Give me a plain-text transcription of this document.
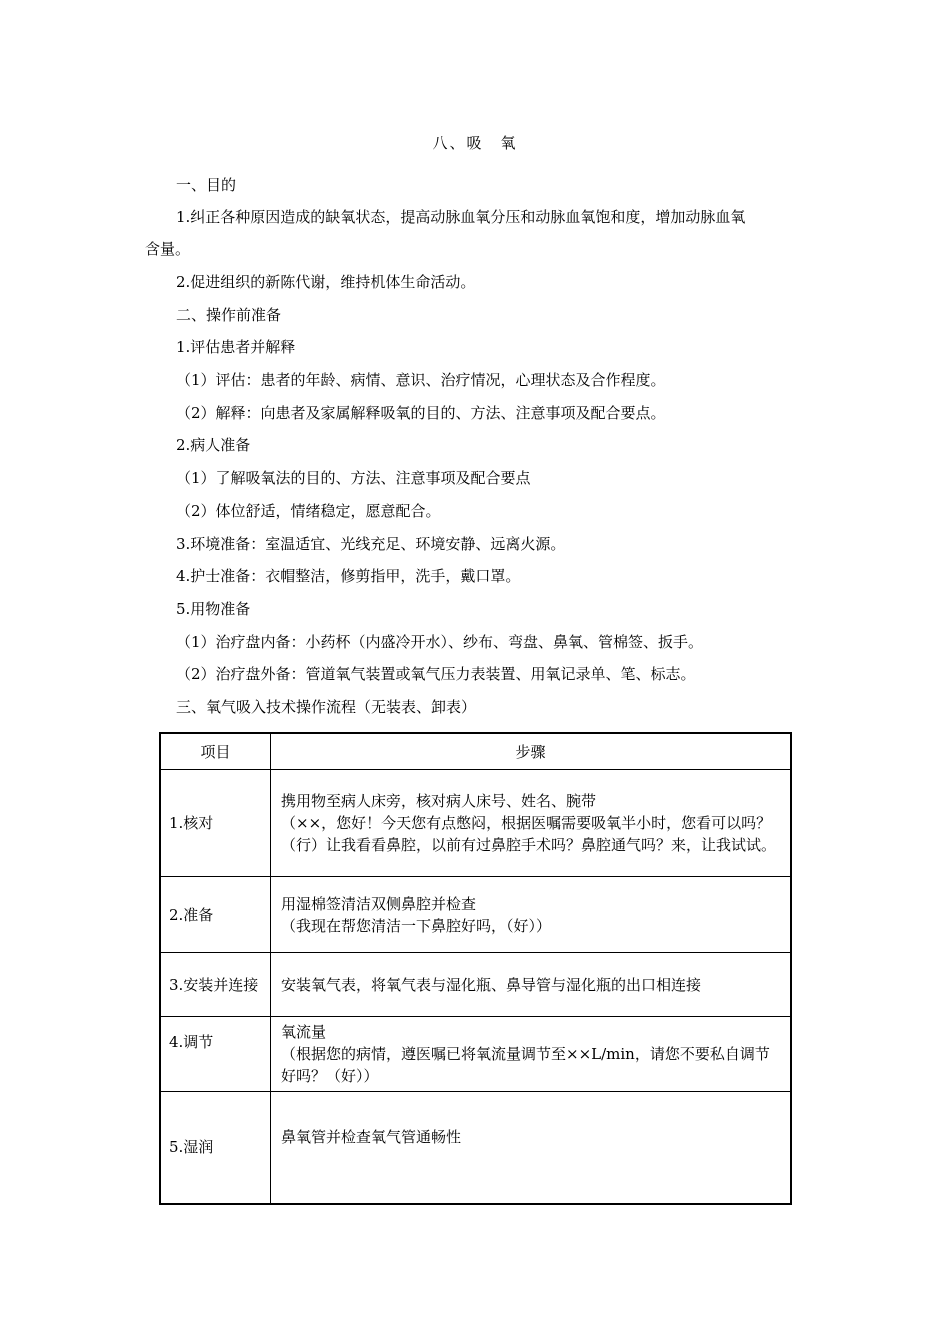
八、吸　氧
一、目的
1.纠正各种原因造成的缺氧状态，提高动脉血氧分压和动脉血氧饱和度，增加动脉血氧
含量。
2.促进组织的新陈代谢，维持机体生命活动。
二、操作前准备
1.评估患者并解释
（1）评估：患者的年龄、病情、意识、治疗情况，心理状态及合作程度。
（2）解释：向患者及家属解释吸氧的目的、方法、注意事项及配合要点。
2.病人准备
（1）了解吸氧法的目的、方法、注意事项及配合要点
（2）体位舒适，情绪稳定，愿意配合。
3.环境准备：室温适宜、光线充足、环境安静、远离火源。
4.护士准备：衣帽整洁，修剪指甲，洗手，戴口罩。
5.用物准备
（1）治疗盘内备：小药杯（内盛冷开水）、纱布、弯盘、鼻氧、管棉签、扳手。
（2）治疗盘外备：管道氧气装置或氧气压力表装置、用氧记录单、笔、标志。
三、氧气吸入技术操作流程（无装表、卸表）
项目	步骤
1.核对	携用物至病人床旁，核对病人床号、姓名、腕带
（××，您好！今天您有点憋闷，根据医嘱需要吸氧半小时，您看可以吗？（行）让我看看鼻腔，以前有过鼻腔手术吗？鼻腔通气吗？来，让我试试。

2.准备	用湿棉签清洁双侧鼻腔并检查
（我现在帮您清洁一下鼻腔好吗，（好））

3.安装并连接	安装氧气表，将氧气表与湿化瓶、鼻导管与湿化瓶的出口相连接

4.调节	氧流量
（根据您的病情，遵医嘱已将氧流量调节至××L/min，请您不要私自调节好吗？（好））

5.湿润	鼻氧管并检查氧气管通畅性
